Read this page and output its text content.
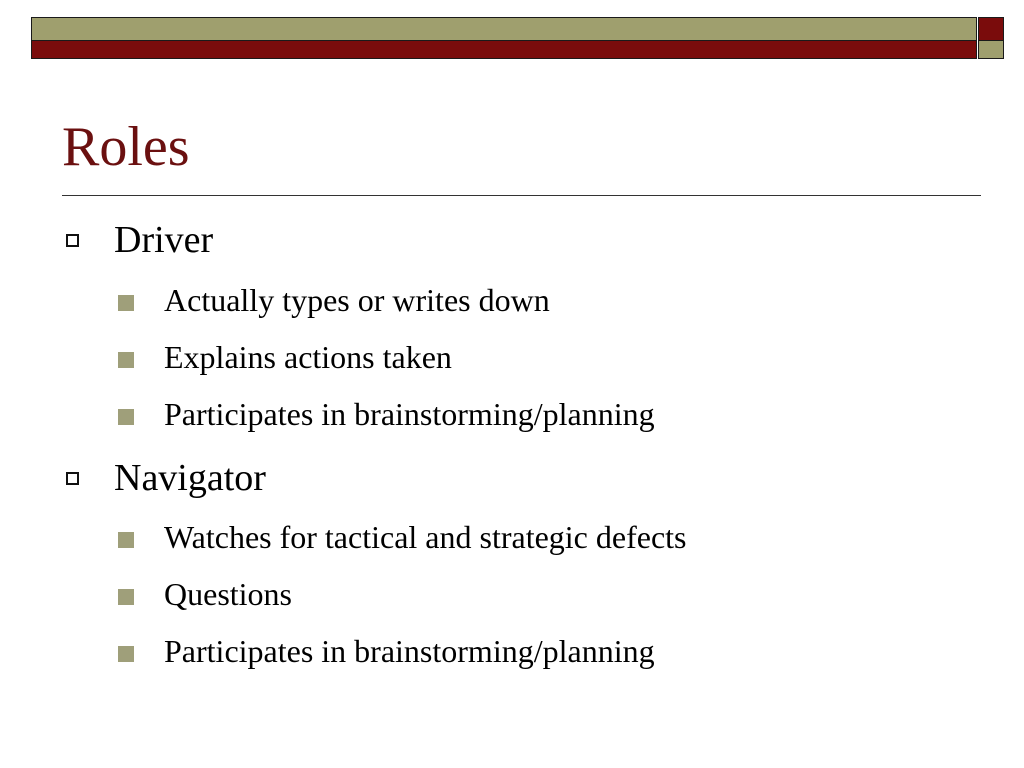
Roles
Driver
Actually types or writes down
Explains actions taken
Participates in brainstorming/planning
Navigator
Watches for tactical and strategic defects
Questions
Participates in brainstorming/planning
